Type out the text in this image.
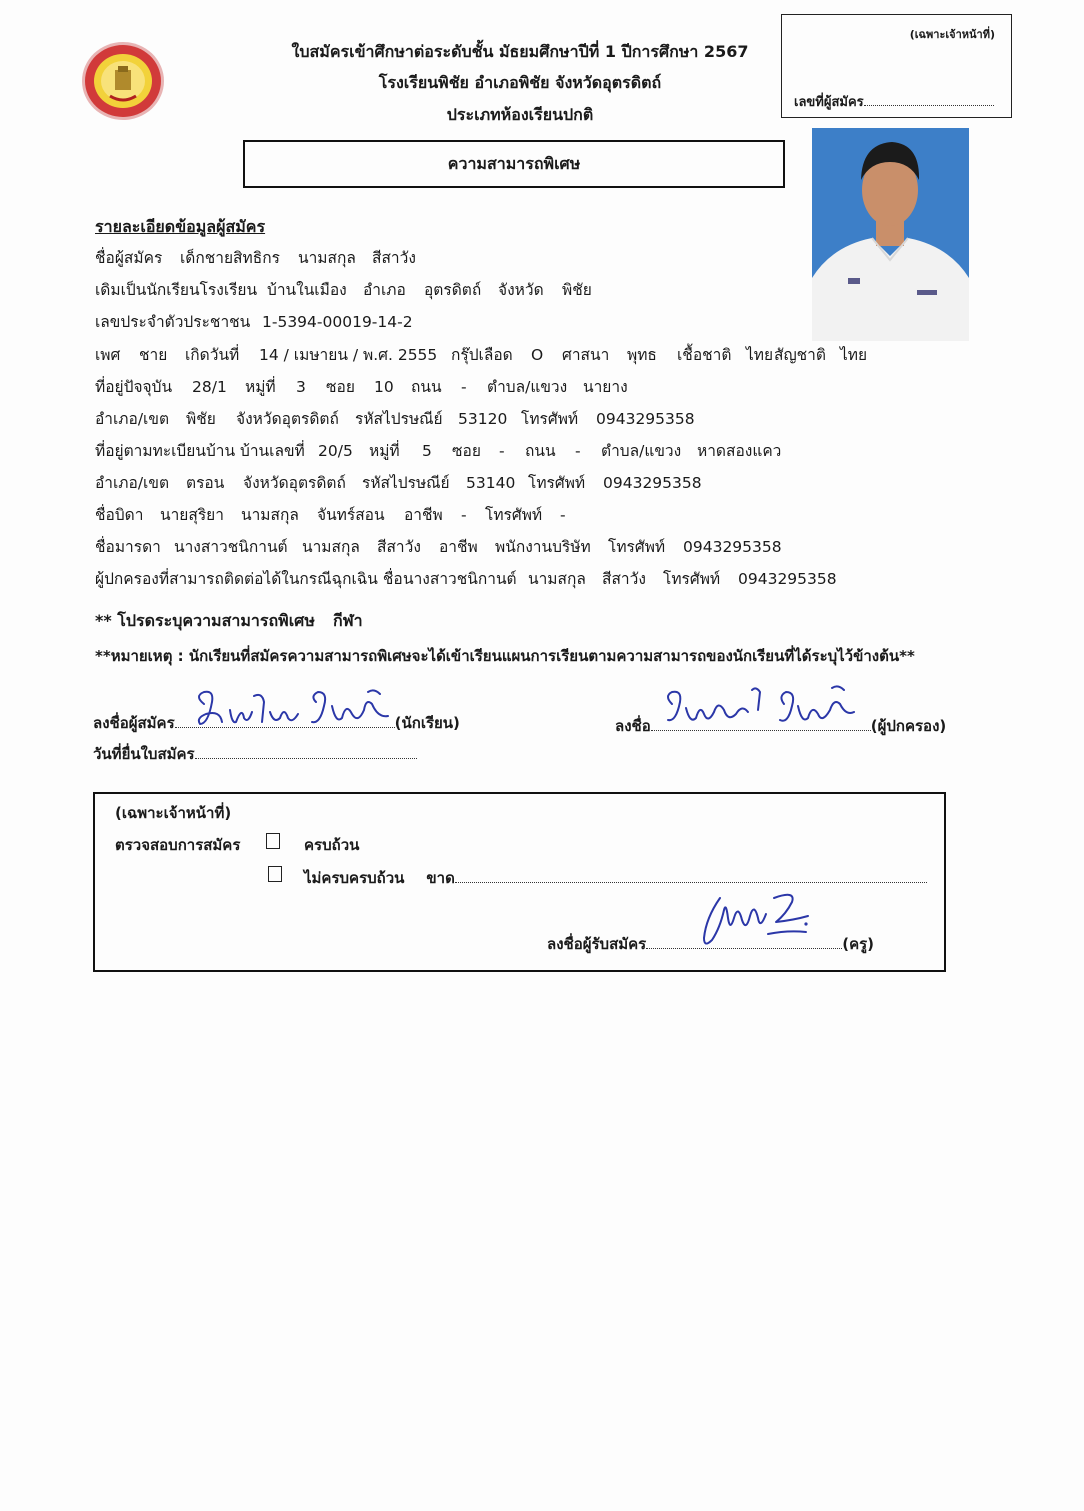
ใบสมัครเข้าศึกษาต่อระดับชั้น มัธยมศึกษาปีที่ 1 ปีการศึกษา 2567
โรงเรียนพิชัย อำเภอพิชัย จังหวัดอุตรดิตถ์
ประเภทห้องเรียนปกติ
(เฉพาะเจ้าหน้าที่)
เลขที่ผู้สมัคร
ความสามารถพิเศษ
รายละเอียดข้อมูลผู้สมัคร
ชื่อผู้สมัคร เด็กชายสิทธิกร นามสกุล สีสาวัง
เดิมเป็นนักเรียนโรงเรียน บ้านในเมือง อำเภอ อุตรดิตถ์ จังหวัด พิชัย
เลขประจำตัวประชาชน 1-5394-00019-14-2
เพศ ชาย เกิดวันที่ 14 / เมษายน / พ.ศ. 2555 กรุ๊ปเลือด O ศาสนา พุทธ เชื้อชาติ ไทย สัญชาติ ไทย
ที่อยู่ปัจจุบัน 28/1 หมู่ที่ 3 ซอย 10 ถนน - ตำบล/แขวง นายาง
อำเภอ/เขต พิชัย จังหวัดอุตรดิตถ์ รหัสไปรษณีย์ 53120 โทรศัพท์ 0943295358
ที่อยู่ตามทะเบียนบ้าน บ้านเลขที่ 20/5 หมู่ที่ 5 ซอย - ถนน - ตำบล/แขวง หาดสองแคว
อำเภอ/เขต ตรอน จังหวัดอุตรดิตถ์ รหัสไปรษณีย์ 53140 โทรศัพท์ 0943295358
ชื่อบิดา นายสุริยา นามสกุล จันทร์สอน อาชีพ - โทรศัพท์ -
ชื่อมารดา นางสาวชนิกานต์ นามสกุล สีสาวัง อาชีพ พนักงานบริษัท โทรศัพท์ 0943295358
ผู้ปกครองที่สามารถติดต่อได้ในกรณีฉุกเฉิน ชื่อ นางสาวชนิกานต์ นามสกุล สีสาวัง โทรศัพท์ 0943295358
** โปรดระบุความสามารถพิเศษ กีฬา
**หมายเหตุ : นักเรียนที่สมัครความสามารถพิเศษจะได้เข้าเรียนแผนการเรียนตามความสามารถของนักเรียนที่ได้ระบุไว้ข้างต้น**
ลงชื่อผู้สมัคร	(นักเรียน)	ลงชื่อ	(ผู้ปกครอง)
วันที่ยื่นใบสมัคร
(เฉพาะเจ้าหน้าที่)
ตรวจสอบการสมัคร	ครบถ้วน
ไม่ครบครบถ้วน ขาด
ลงชื่อผู้รับสมัคร	(ครู)
